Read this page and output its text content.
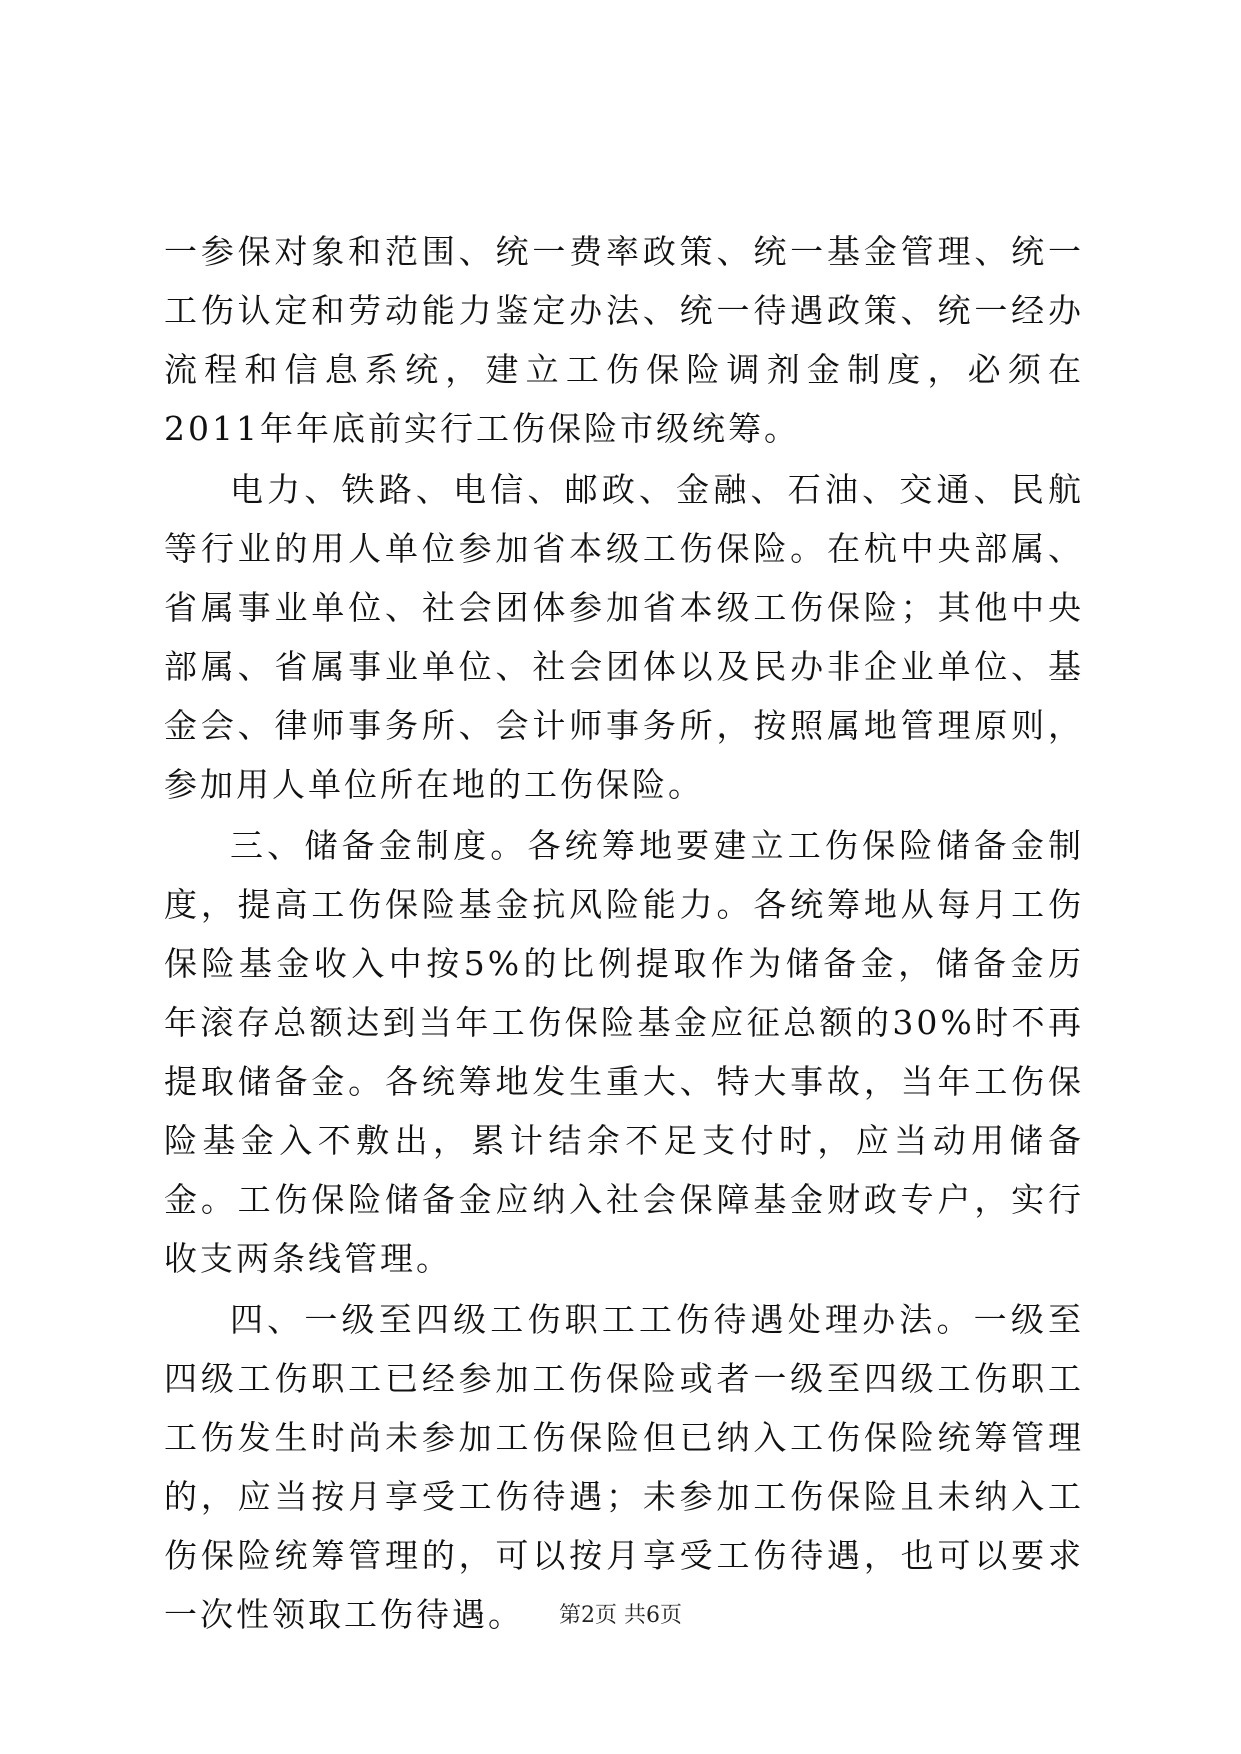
一参保对象和范围、统一费率政策、统一基金管理、统一工伤认定和劳动能力鉴定办法、统一待遇政策、统一经办流程和信息系统，建立工伤保险调剂金制度，必须在2011年年底前实行工伤保险市级统筹。

电力、铁路、电信、邮政、金融、石油、交通、民航等行业的用人单位参加省本级工伤保险。在杭中央部属、省属事业单位、社会团体参加省本级工伤保险；其他中央部属、省属事业单位、社会团体以及民办非企业单位、基金会、律师事务所、会计师事务所，按照属地管理原则，参加用人单位所在地的工伤保险。

三、储备金制度。各统筹地要建立工伤保险储备金制度，提高工伤保险基金抗风险能力。各统筹地从每月工伤保险基金收入中按5%的比例提取作为储备金，储备金历年滚存总额达到当年工伤保险基金应征总额的30%时不再提取储备金。各统筹地发生重大、特大事故，当年工伤保险基金入不敷出，累计结余不足支付时，应当动用储备金。工伤保险储备金应纳入社会保障基金财政专户，实行收支两条线管理。

四、一级至四级工伤职工工伤待遇处理办法。一级至四级工伤职工已经参加工伤保险或者一级至四级工伤职工工伤发生时尚未参加工伤保险但已纳入工伤保险统筹管理的，应当按月享受工伤待遇；未参加工伤保险且未纳入工伤保险统筹管理的，可以按月享受工伤待遇，也可以要求一次性领取工伤待遇。	第2页 共6页
